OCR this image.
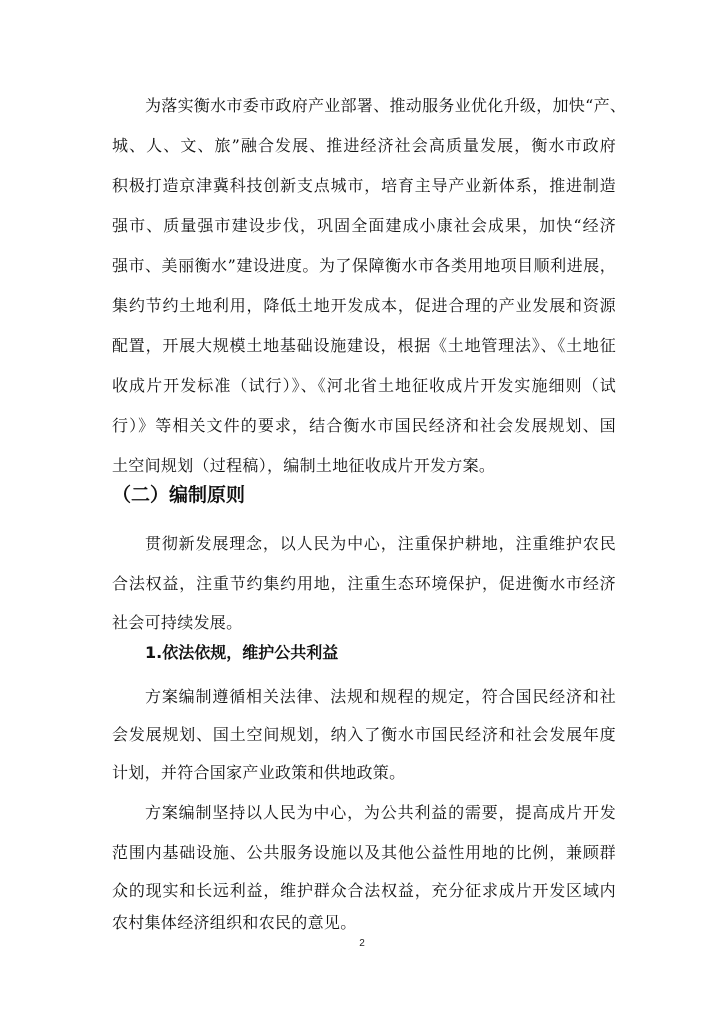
为落实衡水市委市政府产业部署、推动服务业优化升级，加快“产、
城、人、文、旅”融合发展、推进经济社会高质量发展，衡水市政府
积极打造京津冀科技创新支点城市，培育主导产业新体系，推进制造
强市、质量强市建设步伐，巩固全面建成小康社会成果，加快“经济
强市、美丽衡水”建设进度。为了保障衡水市各类用地项目顺利进展，
集约节约土地利用，降低土地开发成本，促进合理的产业发展和资源
配置，开展大规模土地基础设施建设，根据《土地管理法》、《土地征
收成片开发标准（试行）》、《河北省土地征收成片开发实施细则（试
行）》等相关文件的要求，结合衡水市国民经济和社会发展规划、国
土空间规划（过程稿），编制土地征收成片开发方案。
（二）编制原则
贯彻新发展理念，以人民为中心，注重保护耕地，注重维护农民
合法权益，注重节约集约用地，注重生态环境保护，促进衡水市经济
社会可持续发展。
1.依法依规，维护公共利益
方案编制遵循相关法律、法规和规程的规定，符合国民经济和社
会发展规划、国土空间规划，纳入了衡水市国民经济和社会发展年度
计划，并符合国家产业政策和供地政策。
方案编制坚持以人民为中心，为公共利益的需要，提高成片开发
范围内基础设施、公共服务设施以及其他公益性用地的比例，兼顾群
众的现实和长远利益，维护群众合法权益，充分征求成片开发区域内
农村集体经济组织和农民的意见。
2
